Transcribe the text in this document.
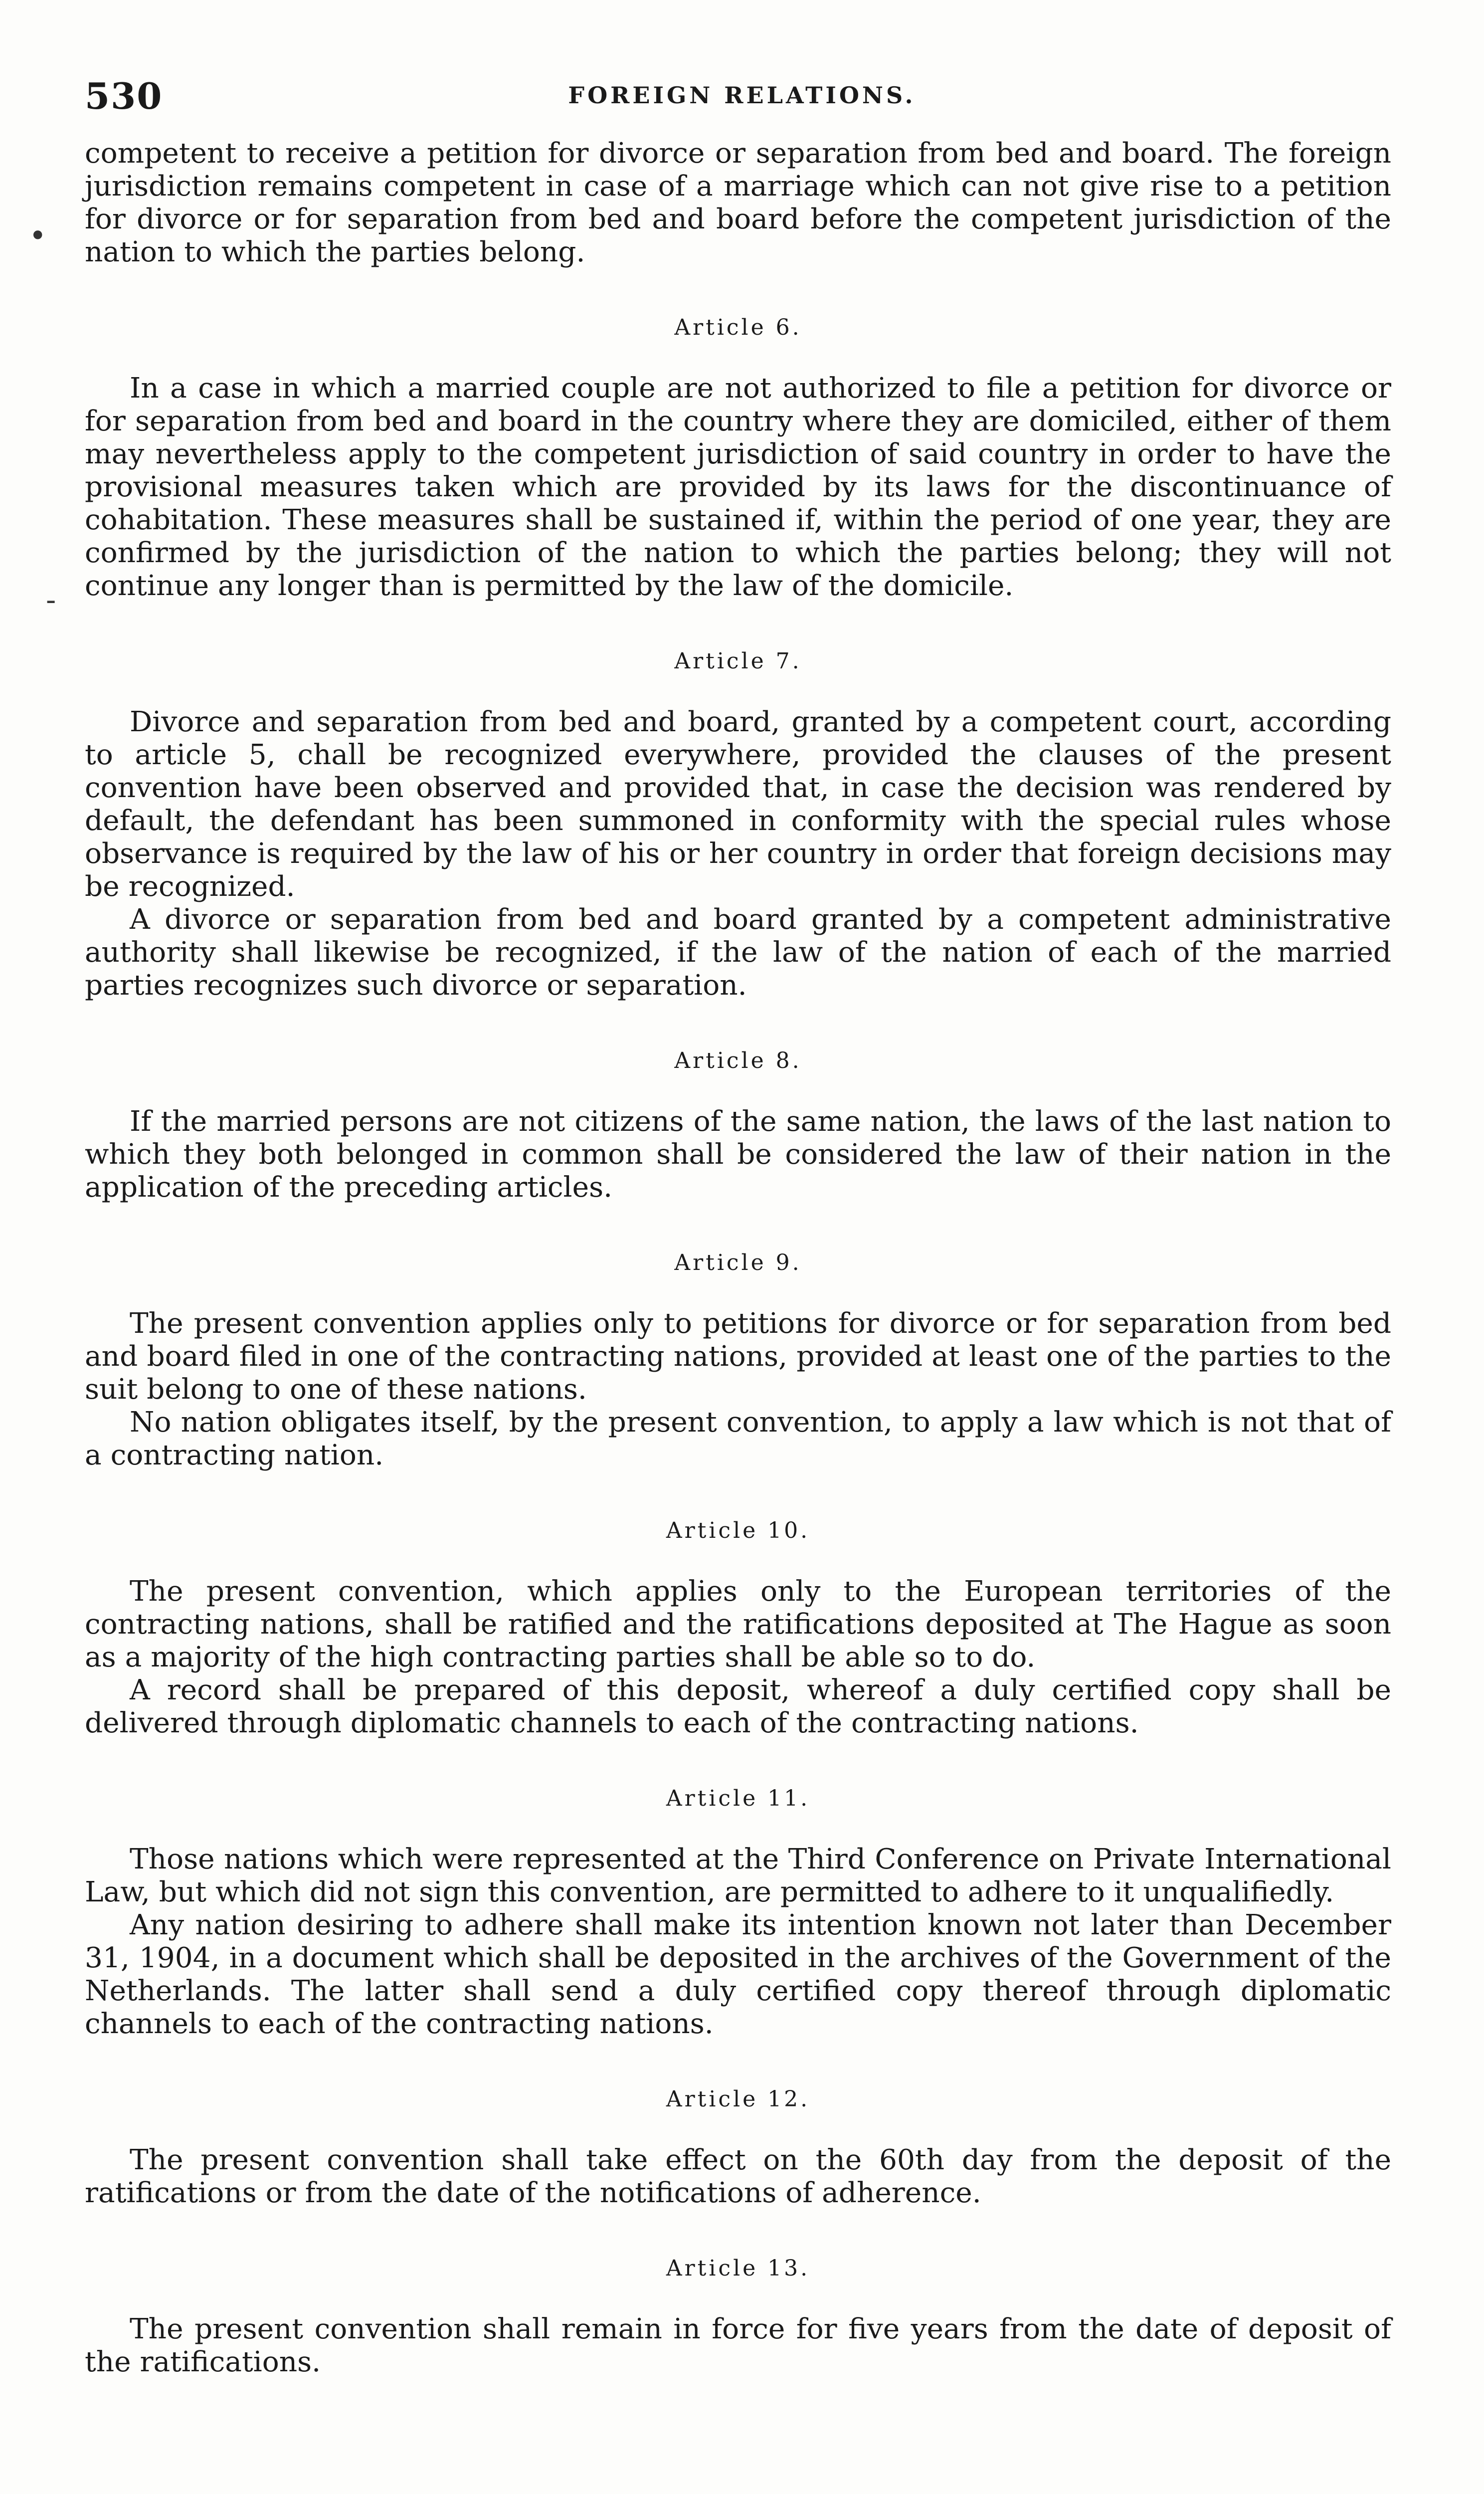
•
-
530	FOREIGN RELATIONS.

competent to receive a petition for divorce or separation from bed and board. The foreign jurisdiction remains competent in case of a marriage which can not give rise to a petition for divorce or for separation from bed and board before the competent jurisdiction of the nation to which the parties belong.

Article 6.

In a case in which a married couple are not authorized to file a petition for divorce or for separation from bed and board in the country where they are domiciled, either of them may nevertheless apply to the competent jurisdiction of said country in order to have the provisional measures taken which are provided by its laws for the discontinuance of cohabitation. These measures shall be sustained if, within the period of one year, they are confirmed by the jurisdiction of the nation to which the parties belong; they will not continue any longer than is permitted by the law of the domicile.

Article 7.

Divorce and separation from bed and board, granted by a competent court, according to article 5, chall be recognized everywhere, provided the clauses of the present convention have been observed and provided that, in case the decision was rendered by default, the defendant has been summoned in conformity with the special rules whose observance is required by the law of his or her country in order that foreign decisions may be recognized.

A divorce or separation from bed and board granted by a competent administrative authority shall likewise be recognized, if the law of the nation of each of the married parties recognizes such divorce or separation.

Article 8.

If the married persons are not citizens of the same nation, the laws of the last nation to which they both belonged in common shall be considered the law of their nation in the application of the preceding articles.

Article 9.

The present convention applies only to petitions for divorce or for separation from bed and board filed in one of the contracting nations, provided at least one of the parties to the suit belong to one of these nations.

No nation obligates itself, by the present convention, to apply a law which is not that of a contracting nation.

Article 10.

The present convention, which applies only to the European territories of the contracting nations, shall be ratified and the ratifications deposited at The Hague as soon as a majority of the high contracting parties shall be able so to do.

A record shall be prepared of this deposit, whereof a duly certified copy shall be delivered through diplomatic channels to each of the contracting nations.

Article 11.

Those nations which were represented at the Third Conference on Private International Law, but which did not sign this convention, are permitted to adhere to it unqualifiedly.

Any nation desiring to adhere shall make its intention known not later than December 31, 1904, in a document which shall be deposited in the archives of the Government of the Netherlands. The latter shall send a duly certified copy thereof through diplomatic channels to each of the contracting nations.

Article 12.

The present convention shall take effect on the 60th day from the deposit of the ratifications or from the date of the notifications of adherence.

Article 13.

The present convention shall remain in force for five years from the date of deposit of the ratifications.
